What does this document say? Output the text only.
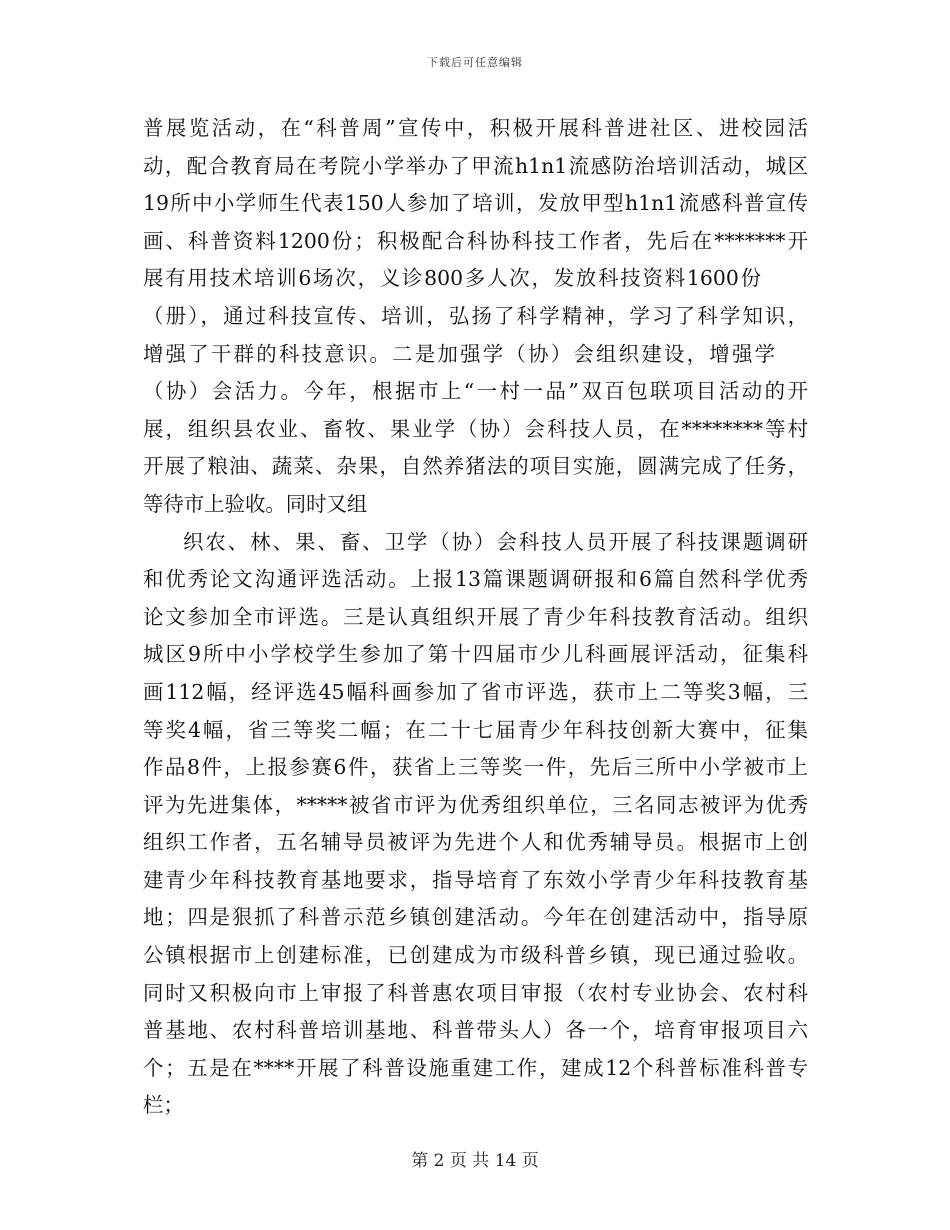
下载后可任意编辑
普展览活动，在“科普周”宣传中，积极开展科普进社区、进校园活
动，配合教育局在考院小学举办了甲流h1n1流感防治培训活动，城区
19所中小学师生代表150人参加了培训，发放甲型h1n1流感科普宣传
画、科普资料1200份；积极配合科协科技工作者，先后在*******开
展有用技术培训6场次，义诊800多人次，发放科技资料1600份
（册），通过科技宣传、培训，弘扬了科学精神，学习了科学知识，
增强了干群的科技意识。二是加强学（协）会组织建设，增强学
（协）会活力。今年，根据市上“一村一品”双百包联项目活动的开
展，组织县农业、畜牧、果业学（协）会科技人员，在********等村
开展了粮油、蔬菜、杂果，自然养猪法的项目实施，圆满完成了任务，
等待市上验收。同时又组
织农、林、果、畜、卫学（协）会科技人员开展了科技课题调研
和优秀论文沟通评选活动。上报13篇课题调研报和6篇自然科学优秀
论文参加全市评选。三是认真组织开展了青少年科技教育活动。组织
城区9所中小学校学生参加了第十四届市少儿科画展评活动，征集科
画112幅，经评选45幅科画参加了省市评选，获市上二等奖3幅，三
等奖4幅，省三等奖二幅；在二十七届青少年科技创新大赛中，征集
作品8件，上报参赛6件，获省上三等奖一件，先后三所中小学被市上
评为先进集体，*****被省市评为优秀组织单位，三名同志被评为优秀
组织工作者，五名辅导员被评为先进个人和优秀辅导员。根据市上创
建青少年科技教育基地要求，指导培育了东效小学青少年科技教育基
地；四是狠抓了科普示范乡镇创建活动。今年在创建活动中，指导原
公镇根据市上创建标准，已创建成为市级科普乡镇，现已通过验收。
同时又积极向市上审报了科普惠农项目审报（农村专业协会、农村科
普基地、农村科普培训基地、科普带头人）各一个，培育审报项目六
个；五是在****开展了科普设施重建工作，建成12个科普标准科普专
栏；
第 2 页 共 14 页
